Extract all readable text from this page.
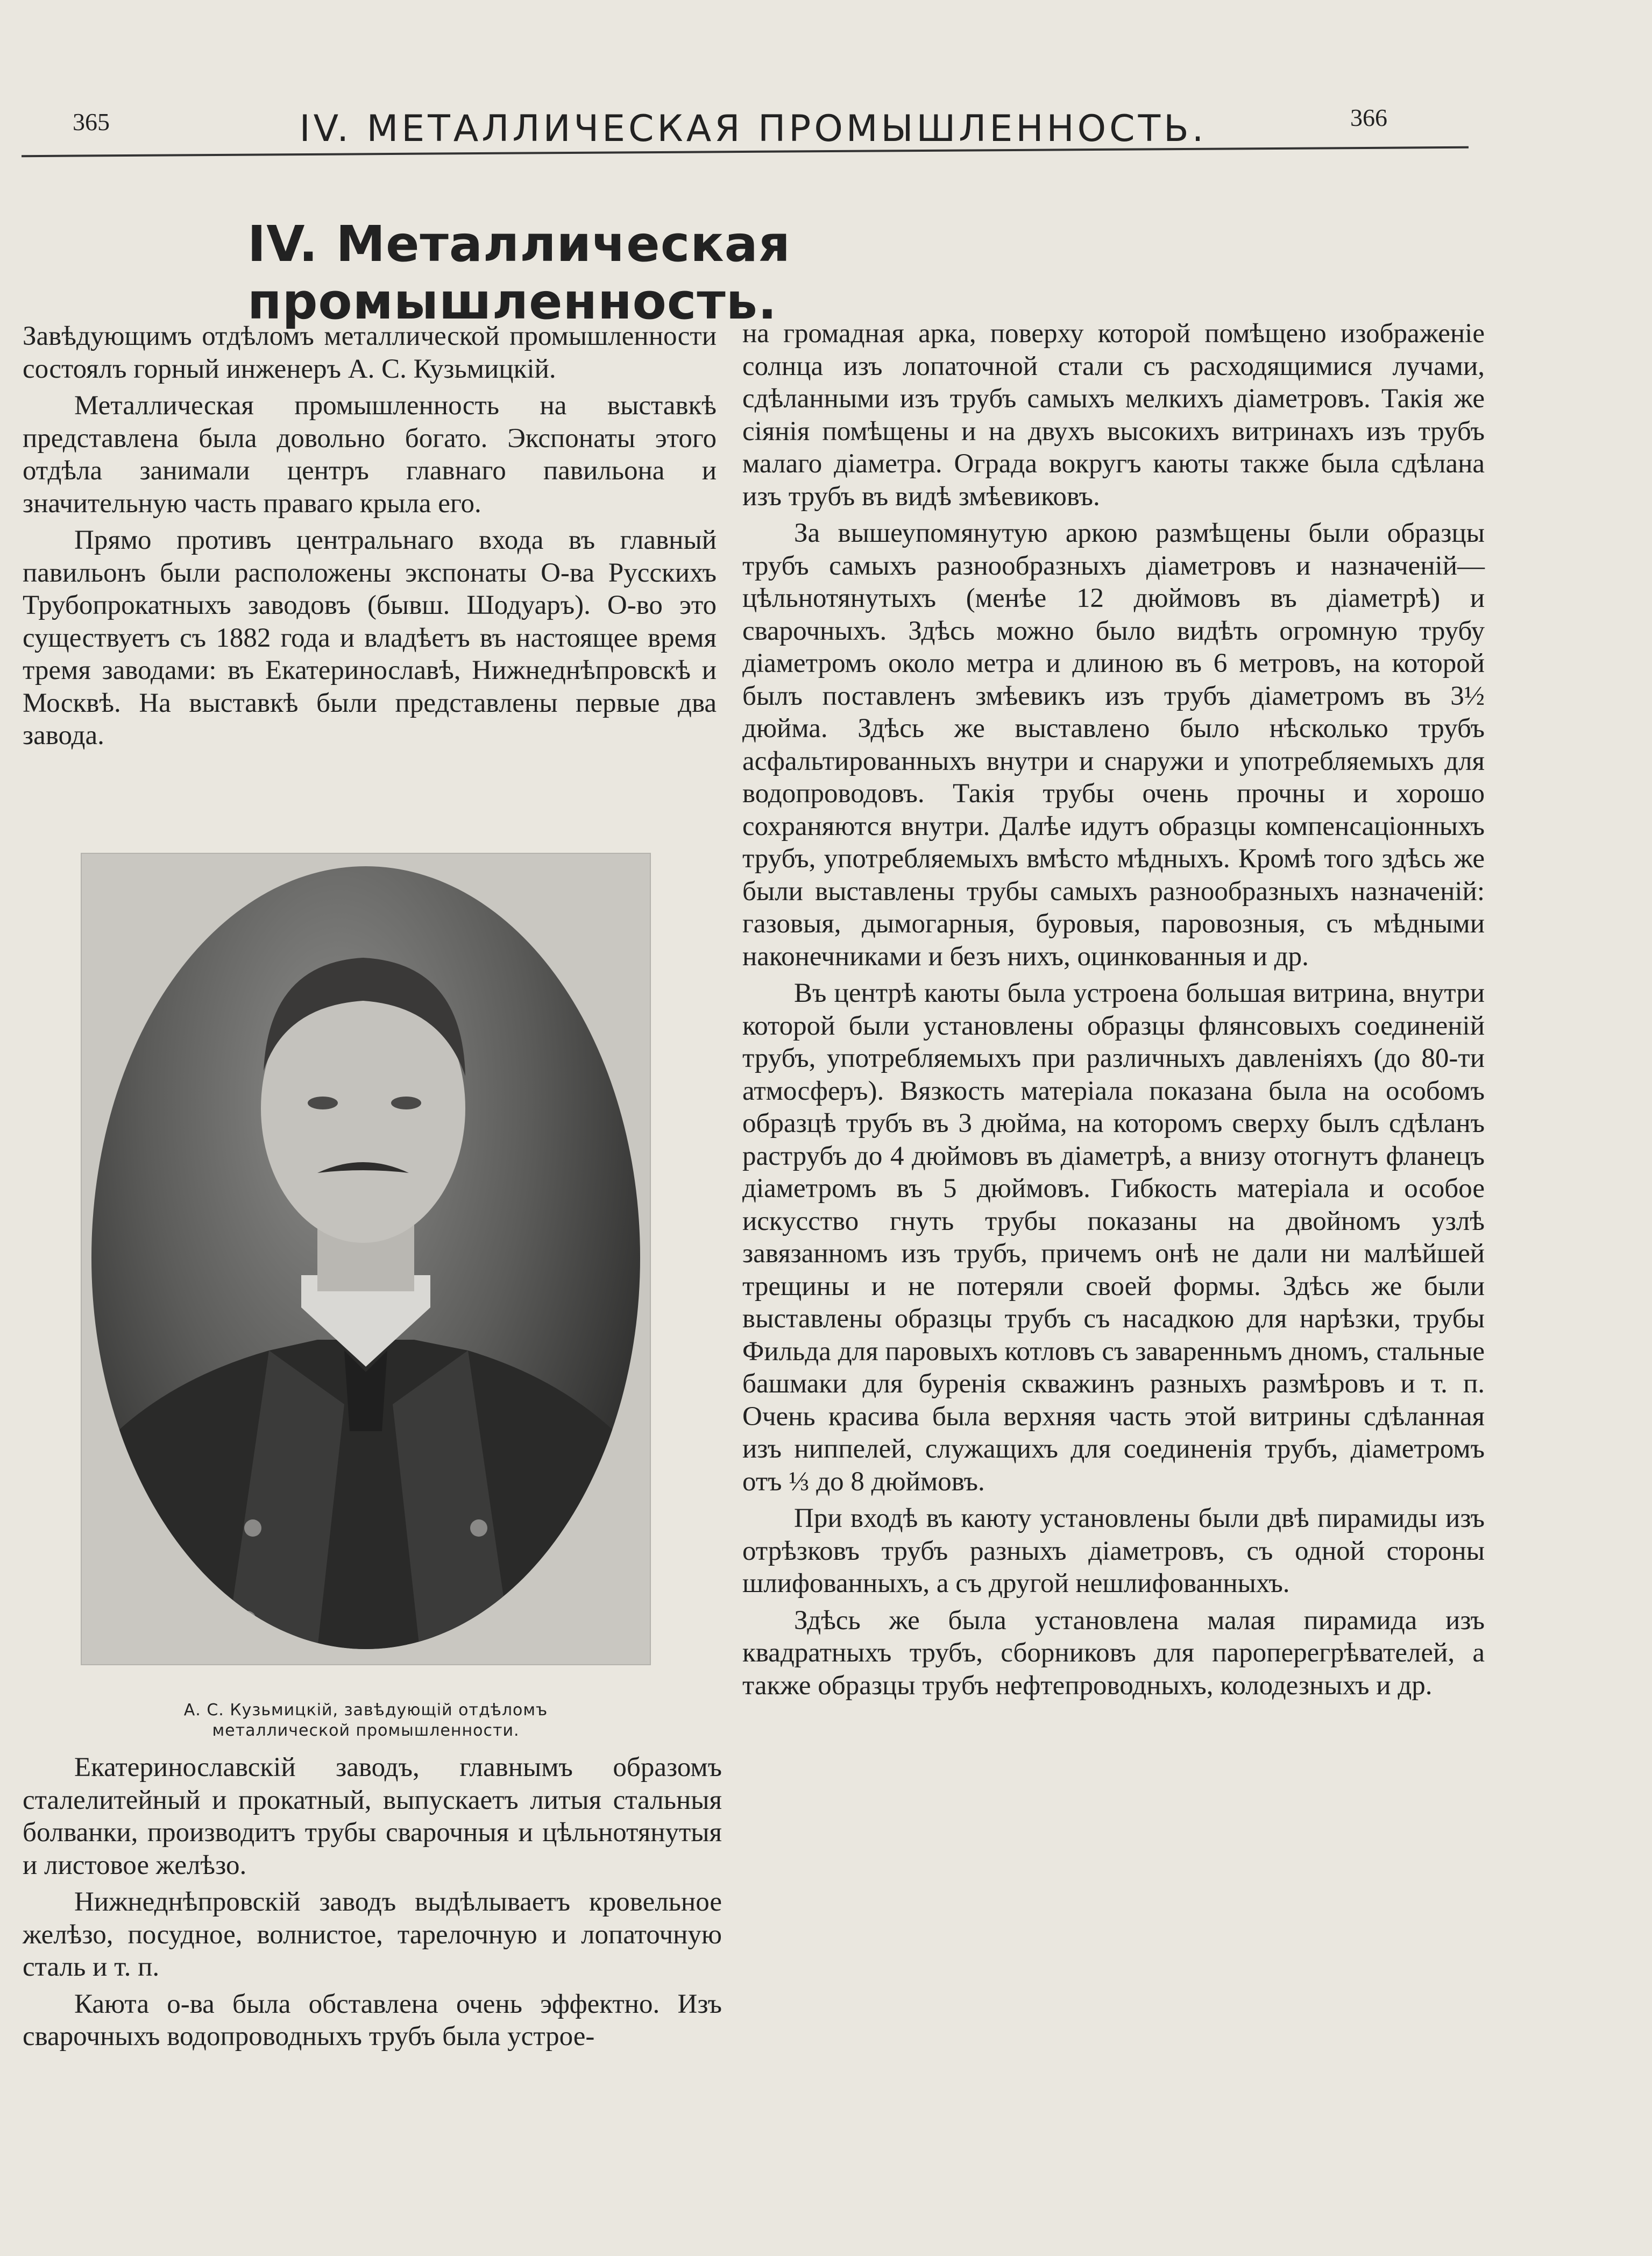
365	IV. МЕТАЛЛИЧЕСКАЯ ПРОМЫШЛЕННОСТЬ.	366
IV. Металлическая промышленность.

Завѣдующимъ отдѣломъ металлической промышленности состоялъ горный инженеръ А. С. Кузьмицкій.

Металлическая промышленность на выставкѣ представлена была довольно богато. Экспонаты этого отдѣла занимали центръ главнаго павильона и значительную часть праваго крыла его.

Прямо противъ центральнаго входа въ главный павильонъ были расположены экспонаты О-ва Русскихъ Трубопрокатныхъ заводовъ (бывш. Шодуаръ). О-во это существуетъ съ 1882 года и владѣетъ въ настоящее время тремя заводами: въ Екатеринославѣ, Нижнеднѣпровскѣ и Москвѣ. На выставкѣ были представлены первые два завода.

А. С. Кузьмицкій, завѣдующій отдѣломъ
металлической промышленности.

Екатеринославскій заводъ, главнымъ образомъ сталелитейный и прокатный, выпускаетъ литыя стальныя болванки, производитъ трубы сварочныя и цѣльнотянутыя и листовое желѣзо.

Нижнеднѣпровскій заводъ выдѣлываетъ кровельное желѣзо, посудное, волнистое, тарелочную и лопаточную сталь и т. п.

Каюта о-ва была обставлена очень эффектно. Изъ сварочныхъ водопроводныхъ трубъ была устрое-

на громадная арка, поверху которой помѣщено изображеніе солнца изъ лопаточной стали съ расходящимися лучами, сдѣланными изъ трубъ самыхъ мелкихъ діаметровъ. Такія же сіянія помѣщены и на двухъ высокихъ витринахъ изъ трубъ малаго діаметра. Ограда вокругъ каюты также была сдѣлана изъ трубъ въ видѣ змѣевиковъ.

За вышеупомянутую аркою размѣщены были образцы трубъ самыхъ разнообразныхъ діаметровъ и назначеній—цѣльнотянутыхъ (менѣе 12 дюймовъ въ діаметрѣ) и сварочныхъ. Здѣсь можно было видѣть огромную трубу діаметромъ около метра и длиною въ 6 метровъ, на которой былъ поставленъ змѣевикъ изъ трубъ діаметромъ въ 3½ дюйма. Здѣсь же выставлено было нѣсколько трубъ асфальтированныхъ внутри и снаружи и употребляемыхъ для водопроводовъ. Такія трубы очень прочны и хорошо сохраняются внутри. Далѣе идутъ образцы компенсаціонныхъ трубъ, употребляемыхъ вмѣсто мѣдныхъ. Кромѣ того здѣсь же были выставлены трубы самыхъ разнообразныхъ назначеній: газовыя, дымогарныя, буровыя, паровозныя, съ мѣдными наконечниками и безъ нихъ, оцинкованныя и др.

Въ центрѣ каюты была устроена большая витрина, внутри которой были установлены образцы флянсовыхъ соединеній трубъ, употребляемыхъ при различныхъ давленіяхъ (до 80-ти атмосферъ). Вязкость матеріала показана была на особомъ образцѣ трубъ въ 3 дюйма, на которомъ сверху былъ сдѣланъ раструбъ до 4 дюймовъ въ діаметрѣ, а внизу отогнутъ фланецъ діаметромъ въ 5 дюймовъ. Гибкость матеріала и особое искусство гнуть трубы показаны на двойномъ узлѣ завязанномъ изъ трубъ, причемъ онѣ не дали ни малѣйшей трещины и не потеряли своей формы. Здѣсь же были выставлены образцы трубъ съ насадкою для нарѣзки, трубы Фильда для паровыхъ котловъ съ заваренньмъ дномъ, стальные башмаки для буренія скважинъ разныхъ размѣровъ и т. п. Очень красива была верхняя часть этой витрины сдѣланная изъ ниппелей, служащихъ для соединенія трубъ, діаметромъ отъ ⅓ до 8 дюймовъ.

При входѣ въ каюту установлены были двѣ пирамиды изъ отрѣзковъ трубъ разныхъ діаметровъ, съ одной стороны шлифованныхъ, а съ другой нешлифованныхъ.

Здѣсь же была установлена малая пирамида изъ квадратныхъ трубъ, сборниковъ для пароперегрѣвателей, а также образцы трубъ нефтепроводныхъ, колодезныхъ и др.
